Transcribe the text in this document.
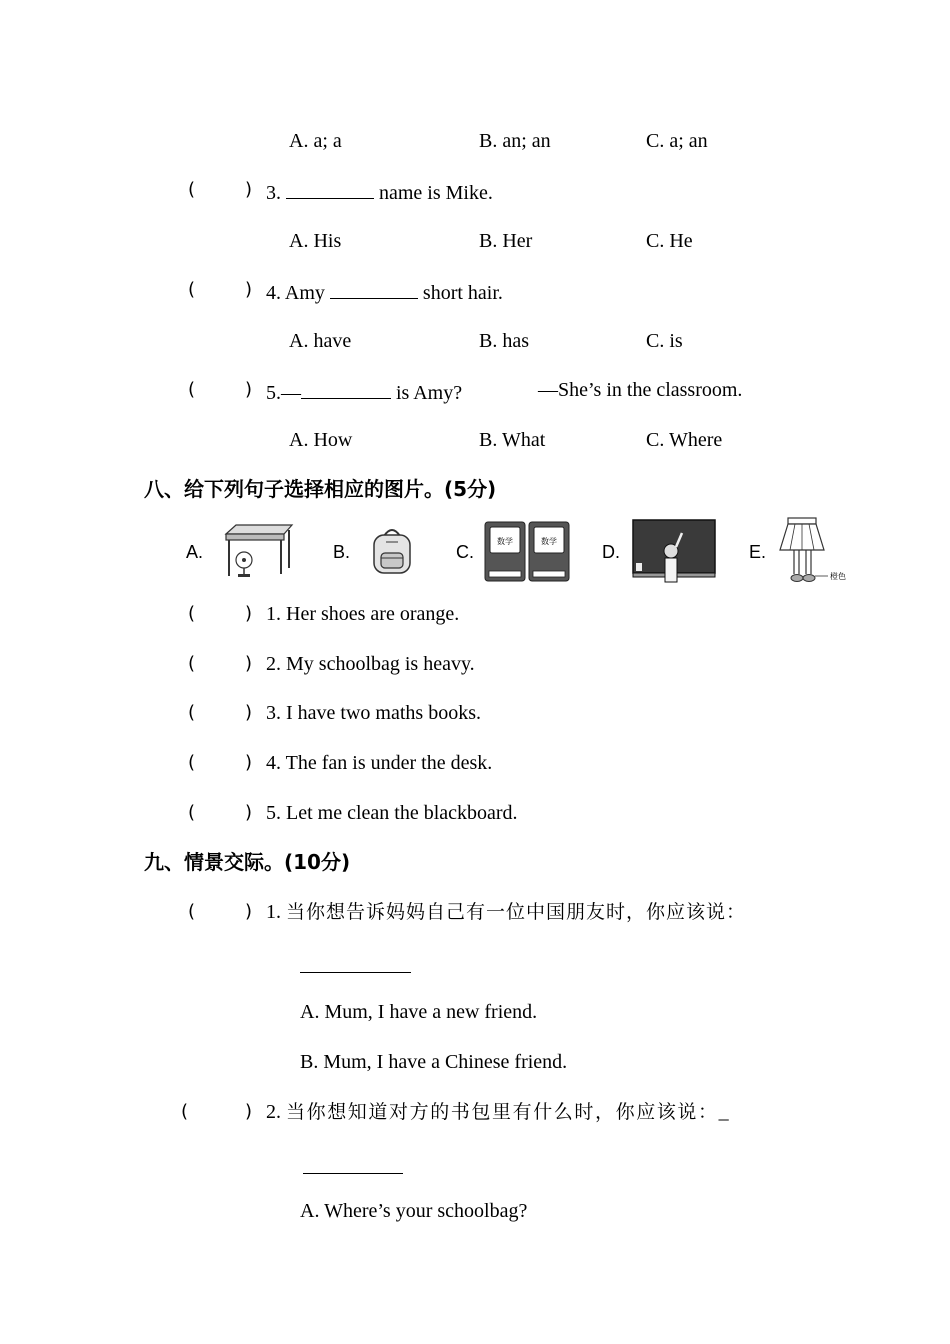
A. a; a	B. an; an	C. a; an
(	) 3.	name is Mike.
A. His	B. Her	C. He
(	) 4. Amy	short hair.
A. have	B. has	C. is
(	) 5.—	is Amy?	—She’s in the classroom.
A. How	B. What	C. Where
八、给下列句子选择相应的图片。(5分)
A.	B.	C.
数学	数学
D.	E.
橙色
(	) 1. Her shoes are orange.
(	) 2. My schoolbag is heavy.
(	) 3. I have two maths books.
(	) 4. The fan is under the desk.
(	) 5. Let me clean the blackboard.
九、情景交际。(10分)
(	) 1. 当你想告诉妈妈自己有一位中国朋友时，你应该说：
A. Mum, I have a new friend.
B. Mum, I have a Chinese friend.
(	) 2. 当你想知道对方的书包里有什么时，你应该说：_
A. Where’s your schoolbag?
